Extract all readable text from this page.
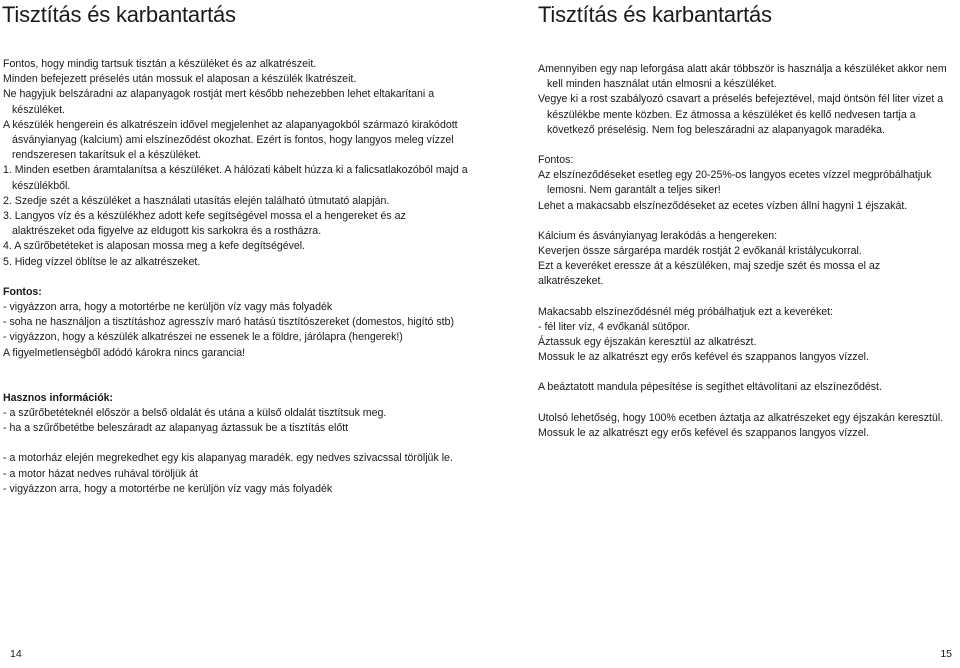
Tisztítás és karbantartás

Fontos, hogy mindig tartsuk tisztán a készüléket és az alkatrészeit.

Minden befejezett préselés után mossuk el alaposan a készülék lkatrészeit.

Ne hagyjuk belszáradni az alapanyagok rostját mert később nehezebben lehet eltakarítani a készüléket.

A készülék hengerein és alkatrészein idővel megjelenhet az alapanyagokból származó kirakódott ásványianyag (kalcium) ami elszíneződést okozhat. Ezért is fontos, hogy langyos meleg vízzel rendszeresen takarítsuk el a készüléket.

1. Minden esetben áramtalanítsa a készüléket. A hálózati kábelt húzza ki a falicsatlakozóból majd a készülékből.

2. Szedje szét a készüléket a használati utasítás elején található útmutató alapján.

3. Langyos víz és a készülékhez adott kefe segítségével mossa el a hengereket és az alaktrészeket oda figyelve az eldugott kis sarkokra és a rostházra.

4. A szűrőbetéteket is alaposan mossa meg a kefe degítségével.

5. Hideg vízzel öblítse le az alkatrészeket.

Fontos:

- vigyázzon arra, hogy a motortérbe ne kerüljön víz vagy más folyadék

- soha ne használjon a tisztításhoz agresszív maró hatású tisztítószereket (domestos, higító stb)

- vigyázzon, hogy a készülék alkatrészei ne essenek le a földre, járólapra (hengerek!)

A figyelmetlenségből adódó károkra nincs garancia!

Hasznos információk:

- a szűrőbetéteknél először a belső oldalát és utána a külső oldalát tisztítsuk meg.

- ha a szűrőbetétbe beleszáradt az alapanyag áztassuk be a tisztítás előtt

- a motorház elején megrekedhet egy kis alapanyag maradék. egy nedves szivacssal töröljük le.

- a motor házat nedves ruhával töröljük át

- vigyázzon arra, hogy a motortérbe ne kerüljön víz vagy más folyadék

14
Tisztítás és karbantartás

Amennyiben egy nap leforgása alatt akár többször is használja a készüléket akkor nem kell minden használat után elmosni a készüléket.

Vegye ki a rost szabályozó csavart a préselés befejeztével, majd öntsön fél liter vizet a készülékbe mente közben. Ez átmossa a készüléket és kellő nedvesen tartja a következő préselésig. Nem fog beleszáradni az alapanyagok maradéka.

Fontos:

Az elszíneződéseket esetleg egy 20-25%-os langyos ecetes vízzel megpróbálhatjuk lemosni. Nem garantált a teljes siker!

Lehet a makacsabb elszíneződéseket az ecetes vízben állni hagyni 1 éjszakát.

Kálcium és ásványianyag lerakódás a hengereken:

Keverjen össze sárgarépa mardék rostját 2 evőkanál kristálycukorral.

Ezt a keveréket eressze át a készüléken, maj szedje szét és mossa el az alkatrészeket.

Makacsabb elszíneződésnél még próbálhatjuk ezt a keveréket:

- fél liter víz, 4 evőkanál sütőpor.

Áztassuk egy éjszakán keresztül az alkatrészt.

Mossuk le az alkatrészt egy erős kefével és szappanos langyos vízzel.

A beáztatott mandula pépesítése is segíthet eltávolítani az elszíneződést.

Utolsó lehetőség, hogy 100% ecetben áztatja az alkatrészeket egy éjszakán keresztül.

Mossuk le az alkatrészt egy erős kefével és szappanos langyos vízzel.

15
